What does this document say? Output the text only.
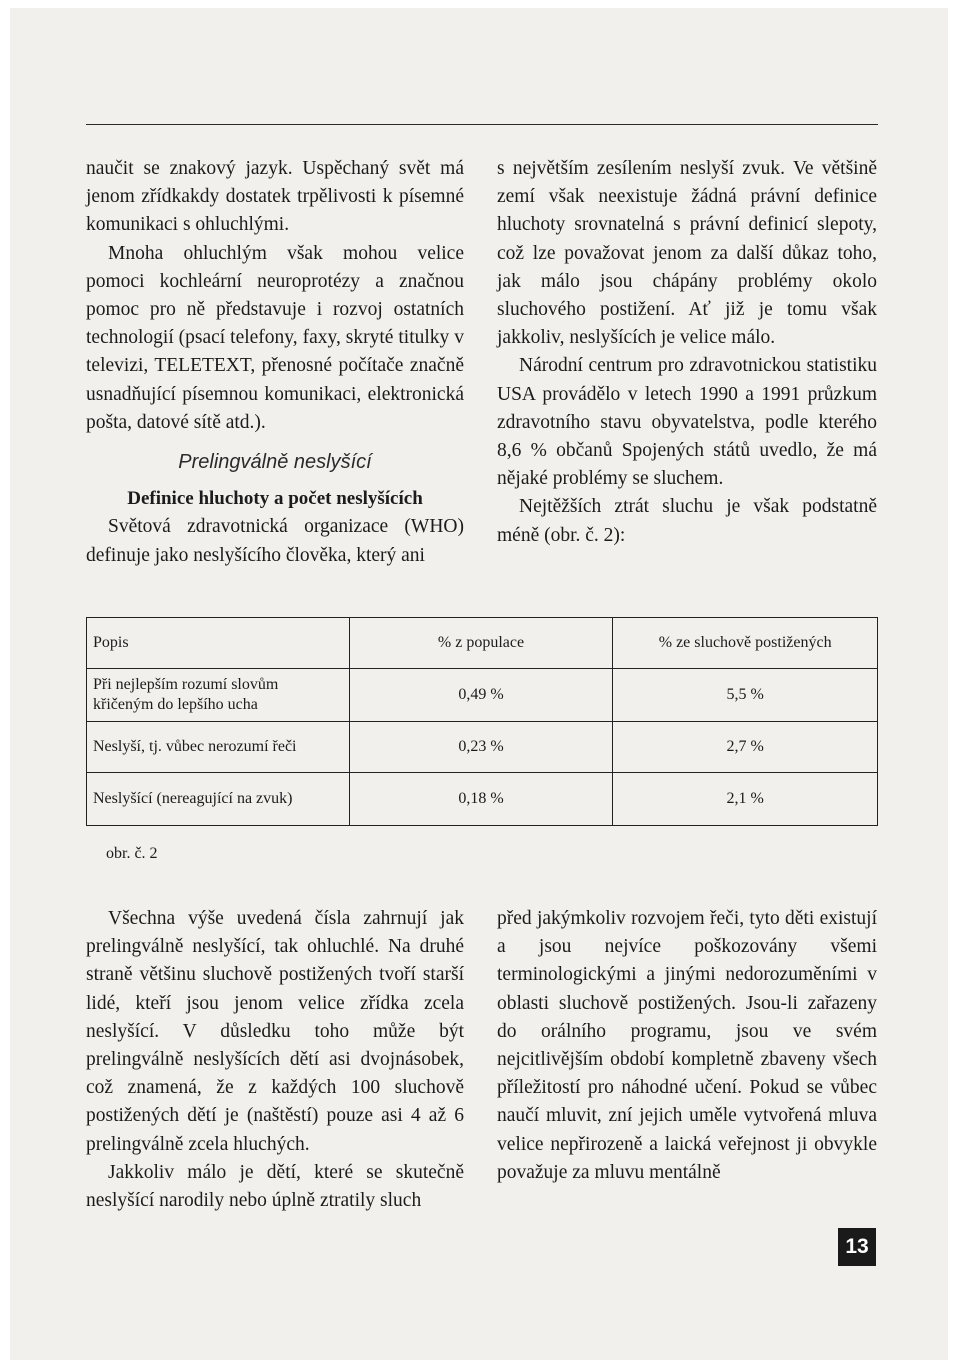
naučit se znakový jazyk. Uspěchaný svět má jenom zřídkakdy dostatek trpělivosti k písemné komunikaci s ohluchlými.

Mnoha ohluchlým však mohou velice pomoci kochleární neuroprotézy a značnou pomoc pro ně představuje i rozvoj ostatních technologií (psací telefony, faxy, skryté titulky v televizi, TELETEXT, přenosné počítače značně usnadňující písemnou komunikaci, elektronická pošta, datové sítě atd.).

Prelingválně neslyšící

Definice hluchoty a počet neslyšících

Světová zdravotnická organizace (WHO) definuje jako neslyšícího člověka, který ani

s největším zesílením neslyší zvuk. Ve většině zemí však neexistuje žádná právní definice hluchoty srovnatelná s právní definicí slepoty, což lze považovat jenom za další důkaz toho, jak málo jsou chápány problémy okolo sluchového postižení. Ať již je tomu však jakkoliv, neslyšících je velice málo.

Národní centrum pro zdravotnickou statistiku USA provádělo v letech 1990 a 1991 průzkum zdravotního stavu obyvatelstva, podle kterého 8,6 % občanů Spojených států uvedlo, že má nějaké problémy se sluchem.

Nejtěžších ztrát sluchu je však podstatně méně (obr. č. 2):

Popis	% z populace	% ze sluchově postižených
Při nejlepším rozumí slovům křičeným do lepšího ucha	0,49 %	5,5 %
Neslyší, tj. vůbec nerozumí řeči	0,23 %	2,7 %
Neslyšící (nereagující na zvuk)	0,18 %	2,1 %
obr. č. 2

Všechna výše uvedená čísla zahrnují jak prelingválně neslyšící, tak ohluchlé. Na druhé straně většinu sluchově postižených tvoří starší lidé, kteří jsou jenom velice zřídka zcela neslyšící. V důsledku toho může být prelingválně neslyšících dětí asi dvojnásobek, což znamená, že z každých 100 sluchově postižených dětí je (naštěstí) pouze asi 4 až 6 prelingválně zcela hluchých.

Jakkoliv málo je dětí, které se skutečně neslyšící narodily nebo úplně ztratily sluch

před jakýmkoliv rozvojem řeči, tyto děti existují a jsou nejvíce poškozovány všemi terminologickými a jinými nedorozuměními v oblasti sluchově postižených. Jsou-li zařazeny do orálního programu, jsou ve svém nejcitlivějším období kompletně zbaveny všech příležitostí pro náhodné učení. Pokud se vůbec naučí mluvit, zní jejich uměle vytvořená mluva velice nepřirozeně a laická veřejnost ji obvykle považuje za mluvu mentálně

13
